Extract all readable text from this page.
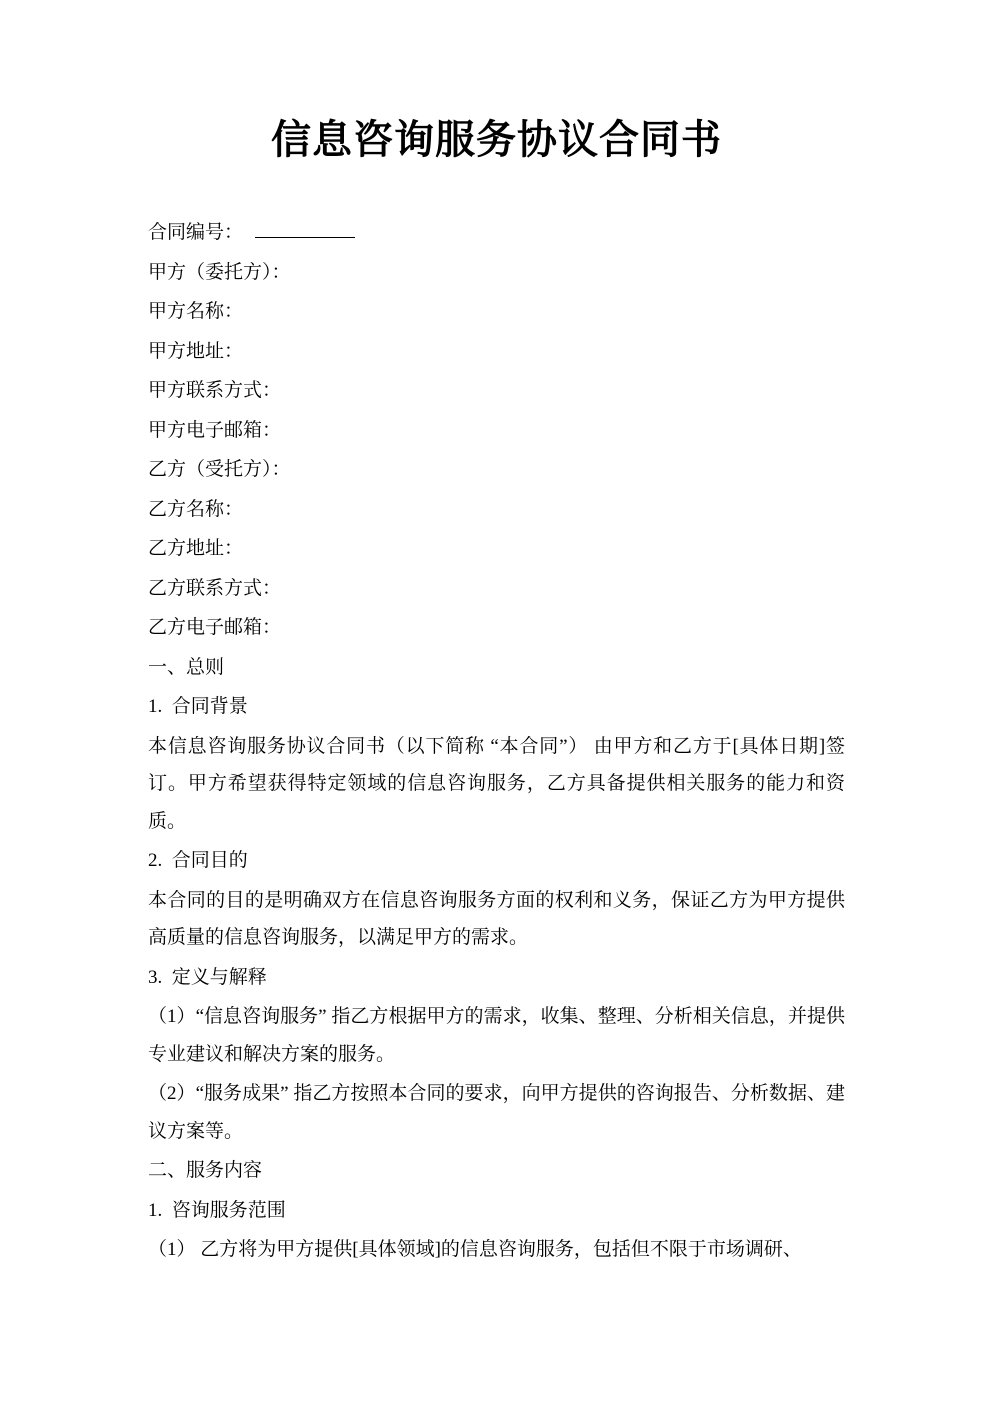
信息咨询服务协议合同书

合同编号：

甲方（委托方）：

甲方名称：

甲方地址：

甲方联系方式：

甲方电子邮箱：

乙方（受托方）：

乙方名称：

乙方地址：

乙方联系方式：

乙方电子邮箱：

一、总则

1.  合同背景

本信息咨询服务协议合同书（以下简称 “本合同”） 由甲方和乙方于[具体日期]签订。甲方希望获得特定领域的信息咨询服务，乙方具备提供相关服务的能力和资质。

2.  合同目的

本合同的目的是明确双方在信息咨询服务方面的权利和义务，保证乙方为甲方提供高质量的信息咨询服务，以满足甲方的需求。

3.  定义与解释

（1）“信息咨询服务” 指乙方根据甲方的需求，收集、整理、分析相关信息，并提供专业建议和解决方案的服务。

（2）“服务成果” 指乙方按照本合同的要求，向甲方提供的咨询报告、分析数据、建议方案等。

二、服务内容

1.  咨询服务范围

（1） 乙方将为甲方提供[具体领域]的信息咨询服务，包括但不限于市场调研、
